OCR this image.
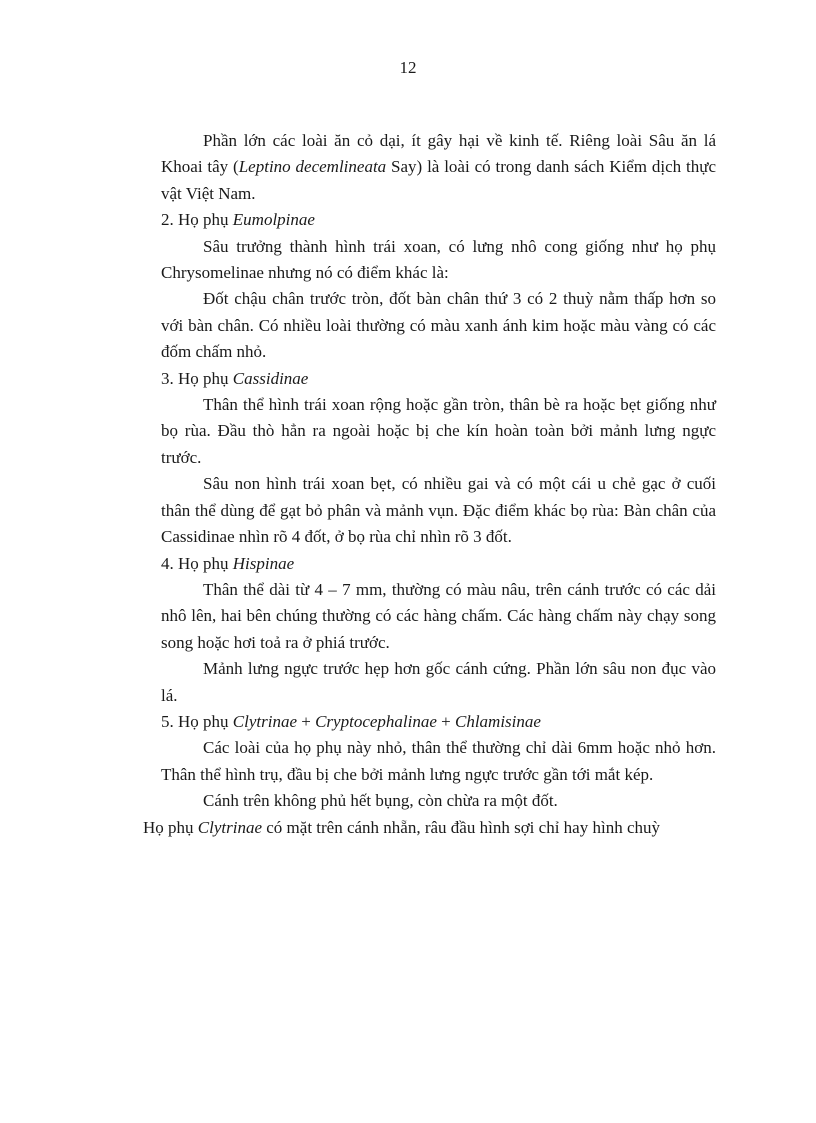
12

Phần lớn các loài ăn cỏ dại, ít gây hại về kinh tế. Riêng loài Sâu ăn lá Khoai tây (Leptino decemlineata Say) là loài có trong danh sách Kiểm dịch thực vật Việt Nam.

2. Họ phụ Eumolpinae

Sâu trưởng thành hình trái xoan, có lưng nhô cong giống như họ phụ Chrysomelinae nhưng nó có điểm khác là:

Đốt chậu chân trước tròn, đốt bàn chân thứ 3 có 2 thuỳ nằm thấp hơn so với bàn chân. Có nhiều loài thường có màu xanh ánh kim hoặc màu vàng có các đốm chấm nhỏ.

3. Họ phụ Cassidinae

Thân thể hình trái xoan rộng hoặc gần tròn, thân bè ra hoặc bẹt giống như bọ rùa. Đầu thò hẳn ra ngoài hoặc bị che kín hoàn toàn bởi mảnh lưng ngực trước.

Sâu non hình trái xoan bẹt, có nhiều gai và có một cái u chẻ gạc ở cuối thân thể dùng để gạt bỏ phân và mảnh vụn. Đặc điểm khác bọ rùa: Bàn chân của Cassidinae nhìn rõ 4 đốt, ở bọ rùa chỉ nhìn rõ 3 đốt.

4. Họ phụ Hispinae

Thân thể dài từ 4 – 7 mm, thường có màu nâu, trên cánh trước có các dải nhô lên, hai bên chúng thường có các hàng chấm. Các hàng chấm này chạy song song hoặc hơi toả ra ở phiá trước.

Mảnh lưng ngực trước hẹp hơn gốc cánh cứng. Phần lớn sâu non đục vào lá.

5. Họ phụ Clytrinae + Cryptocephalinae + Chlamisinae

Các loài của họ phụ này nhỏ, thân thể thường chỉ dài 6mm hoặc nhỏ hơn. Thân thể hình trụ, đầu bị che bởi mảnh lưng ngực trước gần tới mắt kép.

Cánh trên không phủ hết bụng, còn chừa ra một đốt.

Họ phụ Clytrinae có mặt trên cánh nhẵn, râu đầu hình sợi chỉ hay hình chuỳ
